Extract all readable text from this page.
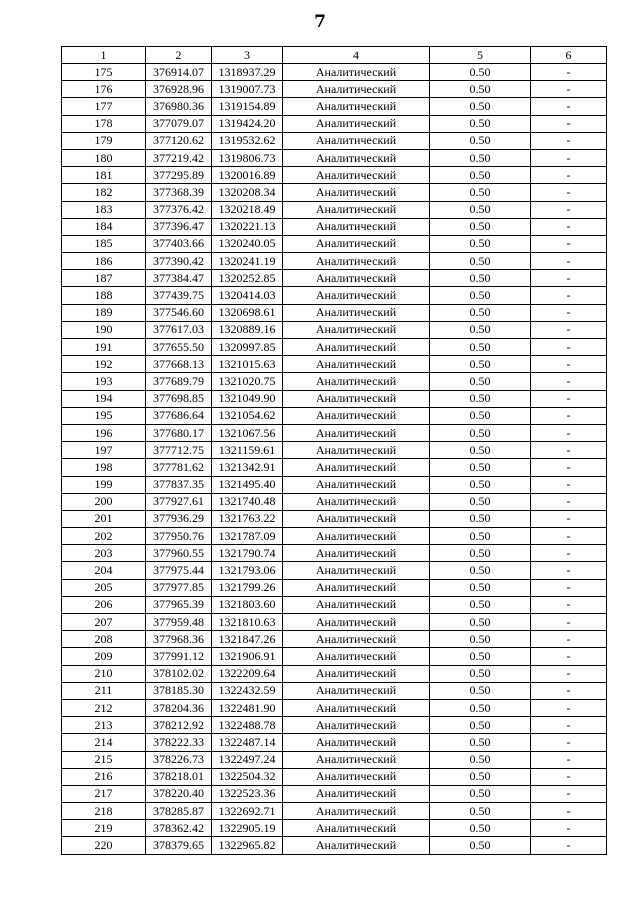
7
1	2	3	4	5	6
175	376914.07	1318937.29	Аналитический	0.50	-
176	376928.96	1319007.73	Аналитический	0.50	-
177	376980.36	1319154.89	Аналитический	0.50	-
178	377079.07	1319424.20	Аналитический	0.50	-
179	377120.62	1319532.62	Аналитический	0.50	-
180	377219.42	1319806.73	Аналитический	0.50	-
181	377295.89	1320016.89	Аналитический	0.50	-
182	377368.39	1320208.34	Аналитический	0.50	-
183	377376.42	1320218.49	Аналитический	0.50	-
184	377396.47	1320221.13	Аналитический	0.50	-
185	377403.66	1320240.05	Аналитический	0.50	-
186	377390.42	1320241.19	Аналитический	0.50	-
187	377384.47	1320252.85	Аналитический	0.50	-
188	377439.75	1320414.03	Аналитический	0.50	-
189	377546.60	1320698.61	Аналитический	0.50	-
190	377617.03	1320889.16	Аналитический	0.50	-
191	377655.50	1320997.85	Аналитический	0.50	-
192	377668.13	1321015.63	Аналитический	0.50	-
193	377689.79	1321020.75	Аналитический	0.50	-
194	377698.85	1321049.90	Аналитический	0.50	-
195	377686.64	1321054.62	Аналитический	0.50	-
196	377680.17	1321067.56	Аналитический	0.50	-
197	377712.75	1321159.61	Аналитический	0.50	-
198	377781.62	1321342.91	Аналитический	0.50	-
199	377837.35	1321495.40	Аналитический	0.50	-
200	377927.61	1321740.48	Аналитический	0.50	-
201	377936.29	1321763.22	Аналитический	0.50	-
202	377950.76	1321787.09	Аналитический	0.50	-
203	377960.55	1321790.74	Аналитический	0.50	-
204	377975.44	1321793.06	Аналитический	0.50	-
205	377977.85	1321799.26	Аналитический	0.50	-
206	377965.39	1321803.60	Аналитический	0.50	-
207	377959.48	1321810.63	Аналитический	0.50	-
208	377968.36	1321847.26	Аналитический	0.50	-
209	377991.12	1321906.91	Аналитический	0.50	-
210	378102.02	1322209.64	Аналитический	0.50	-
211	378185.30	1322432.59	Аналитический	0.50	-
212	378204.36	1322481.90	Аналитический	0.50	-
213	378212.92	1322488.78	Аналитический	0.50	-
214	378222.33	1322487.14	Аналитический	0.50	-
215	378226.73	1322497.24	Аналитический	0.50	-
216	378218.01	1322504.32	Аналитический	0.50	-
217	378220.40	1322523.36	Аналитический	0.50	-
218	378285.87	1322692.71	Аналитический	0.50	-
219	378362.42	1322905.19	Аналитический	0.50	-
220	378379.65	1322965.82	Аналитический	0.50	-
